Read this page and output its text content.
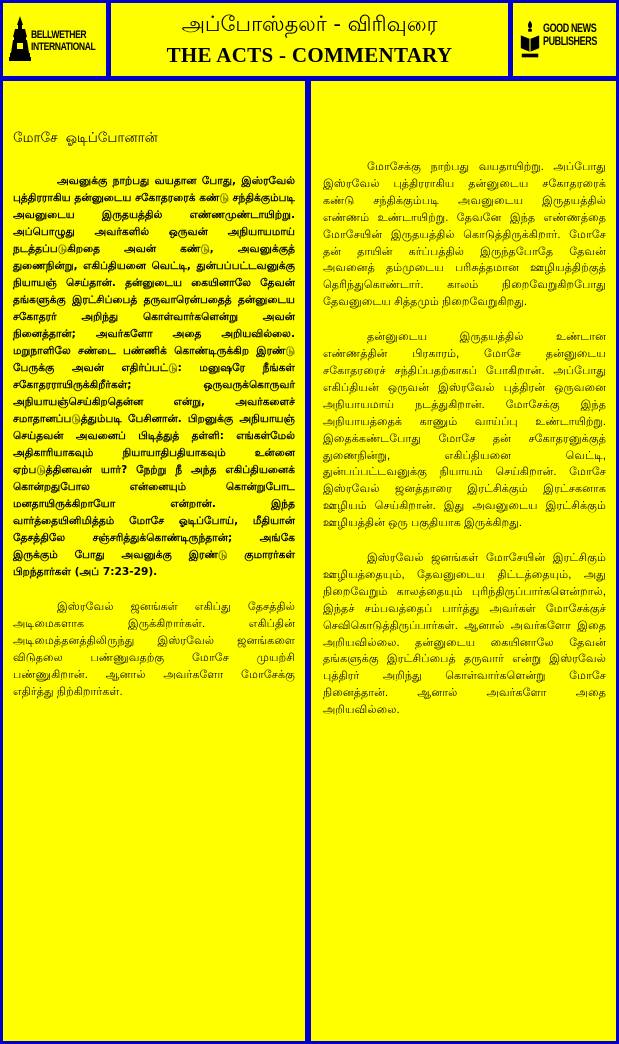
BELLWETHER
INTERNATIONAL
அப்போஸ்தலர் - விரிவுரை
THE ACTS - COMMENTARY
GOOD NEWS
PUBLISHERS
மோசே ஓடிப்போனான்

அவனுக்கு நாற்பது வயதான போது, இஸ்ரவேல் புத்திரராகிய தன்னுடைய சகோதரரைக் கண்டு சந்திக்கும்படி அவனுடைய இருதயத்தில் எண்ணமுண்டாயிற்று. அப்பொழுது அவர்களில் ஒருவன் அநியாயமாய் நடத்தப்படுகிறதை அவன் கண்டு, அவனுக்குத் துணைநின்று, எகிப்தியனை வெட்டி, துன்பப்பட்டவனுக்கு நியாயஞ் செய்தான். தன்னுடைய கையினாலே தேவன் தங்களுக்கு இரட்சிப்பைத் தருவாரென்பதைத் தன்னுடைய சகோதரர் அறிந்து கொள்வார்களென்று அவன் நினைத்தான்; அவர்களோ அதை அறியவில்லை. மறுநாளிலே சண்டை பண்ணிக் கொண்டிருக்கிற இரண்டு பேருக்கு அவன் எதிர்ப்பட்டு: மனுஷரே நீங்கள் சகோதரராயிருக்கிறீர்கள்; ஒருவருக்கொருவர் அநியாயஞ்செய்கிறதென்ன என்று, அவர்களைச் சமாதானப்படுத்தும்படி பேசினான். பிறனுக்கு அநியாயஞ் செய்தவன் அவனைப் பிடித்துத் தள்ளி: எங்கள்மேல் அதிகாரியாகவும் நியாயாதிபதியாகவும் உன்னை ஏற்படுத்தினவன் யார்? நேற்று நீ அந்த எகிப்தியனைக் கொன்றதுபோல என்னையும் கொன்றுபோட மனதாயிருக்கிறாயோ என்றான். இந்த வார்த்தையினிமித்தம் மோசே ஓடிப்போய், மீதியான் தேசத்திலே சஞ்சரித்துக்கொண்டிருந்தான்; அங்கே இருக்கும் போது அவனுக்கு இரண்டு குமாரர்கள் பிறந்தார்கள் (அப் 7:23-29).

இஸ்ரவேல் ஜனங்கள் எகிப்து தேசத்தில் அடிமைகளாக இருக்கிறார்கள். எகிப்தின் அடிமைத்தனத்திலிருந்து இஸ்ரவேல் ஜனங்களை விடுதலை பண்ணுவதற்கு மோசே முயற்சி பண்ணுகிறான். ஆனால் அவர்களோ மோசேக்கு எதிர்த்து நிற்கிறார்கள்.

மோசேக்கு நாற்பது வயதாயிற்று. அப்போது இஸ்ரவேல் புத்திரராகிய தன்னுடைய சகோதரரைக் கண்டு சந்திக்கும்படி அவனுடைய இருதயத்தில் எண்ணம் உண்டாயிற்று. தேவனே இந்த எண்ணத்தை மோசேயின் இருதயத்தில் கொடுத்திருக்கிறார். மோசே தன் தாயின் கர்ப்பத்தில் இருந்தபோதே தேவன் அவனைத் தம்முடைய பரிசுத்தமான ஊழியத்திற்குத் தெரிந்துகொண்டார். காலம் நிறைவேறுகிறபோது தேவனுடைய சித்தமும் நிறைவேறுகிறது.

தன்னுடைய இருதயத்தில் உண்டான எண்ணத்தின் பிரகாரம், மோசே தன்னுடைய சகோதரரைச் சந்திப்பதற்காகப் போகிறான். அப்போது எகிப்தியன் ஒருவன் இஸ்ரவேல் புத்திரன் ஒருவனை அநியாயமாய் நடத்துகிறான். மோசேக்கு இந்த அநியாயத்தைக் காணும் வாய்ப்பு உண்டாயிற்று. இதைக்கண்டபோது மோசே தன் சகோதரனுக்குத் துணைநின்று, எகிப்தியனை வெட்டி, துன்பப்பட்டவனுக்கு நியாயம் செய்கிறான். மோசே இஸ்ரவேல் ஜனத்தாரை இரட்சிக்கும் இரட்சகனாக ஊழியம் செய்கிறான். இது அவனுடைய இரட்சிக்கும் ஊழியத்தின் ஒரு பகுதியாக இருக்கிறது.

இஸ்ரவேல் ஜனங்கள் மோசேயின் இரட்சிகும் ஊழியத்தையும், தேவனுடைய திட்டத்தையும், அது நிறைவேறும் காலத்தையும் புரிந்திருப்பார்களென்றால், இந்தச் சம்பவத்தைப் பார்த்து அவர்கள் மோசேக்குச் செவிகொடுத்திருப்பார்கள். ஆனால் அவர்களோ இதை அறியவில்லை. தன்னுடைய கையினாலே தேவன் தங்களுக்கு இரட்சிப்பைத் தருவார் என்று இஸ்ரவேல் புத்திரர் அறிந்து கொள்வார்களென்று மோசே நினைத்தான். ஆனால் அவர்களோ அதை அறியவில்லை.
